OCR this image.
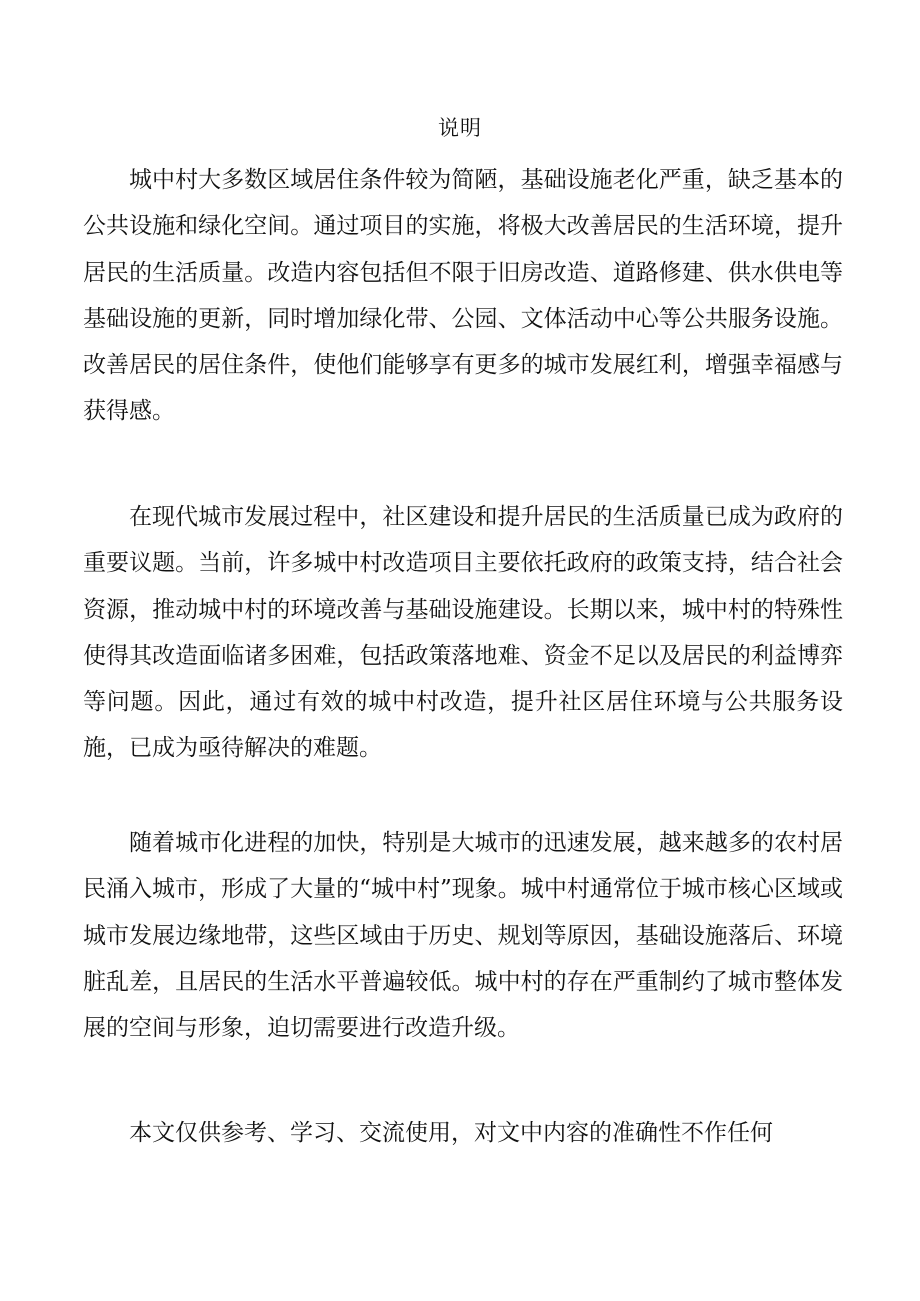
说明

城中村大多数区域居住条件较为简陋，基础设施老化严重，缺乏基本的公共设施和绿化空间。通过项目的实施，将极大改善居民的生活环境，提升居民的生活质量。改造内容包括但不限于旧房改造、道路修建、供水供电等基础设施的更新，同时增加绿化带、公园、文体活动中心等公共服务设施。改善居民的居住条件，使他们能够享有更多的城市发展红利，增强幸福感与获得感。

在现代城市发展过程中，社区建设和提升居民的生活质量已成为政府的重要议题。当前，许多城中村改造项目主要依托政府的政策支持，结合社会资源，推动城中村的环境改善与基础设施建设。长期以来，城中村的特殊性使得其改造面临诸多困难，包括政策落地难、资金不足以及居民的利益博弈等问题。因此，通过有效的城中村改造，提升社区居住环境与公共服务设施，已成为亟待解决的难题。

随着城市化进程的加快，特别是大城市的迅速发展，越来越多的农村居民涌入城市，形成了大量的“城中村”现象。城中村通常位于城市核心区域或城市发展边缘地带，这些区域由于历史、规划等原因，基础设施落后、环境脏乱差，且居民的生活水平普遍较低。城中村的存在严重制约了城市整体发展的空间与形象，迫切需要进行改造升级。

本文仅供参考、学习、交流使用，对文中内容的准确性不作任何
